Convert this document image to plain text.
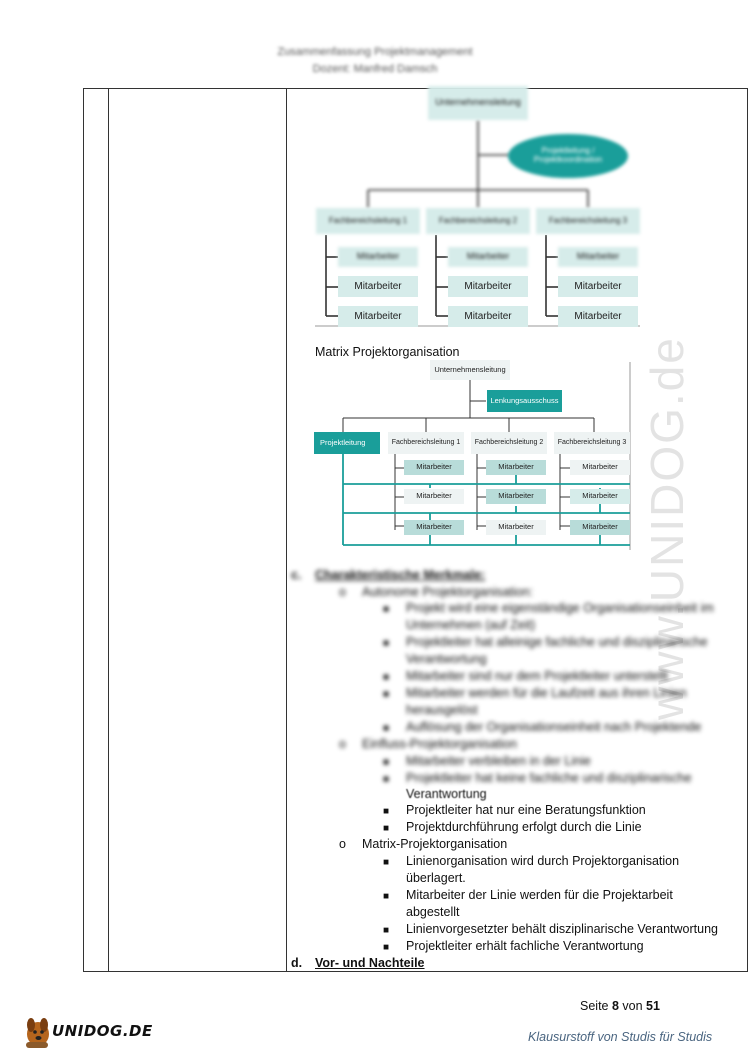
Zusammenfassung Projektmanagement
Dozent: Manfred Damsch
www.UNIDOG.de
Unternehmensleitung
Projektleitung / Projektkoordination
Fachbereichsleitung 1	Fachbereichsleitung 2	Fachbereichsleitung 3
Mitarbeiter	Mitarbeiter	Mitarbeiter
Mitarbeiter	Mitarbeiter	Mitarbeiter
Mitarbeiter	Mitarbeiter	Mitarbeiter
Matrix Projektorganisation
Unternehmensleitung
Lenkungsausschuss
Projektleitung	Fachbereichsleitung 1	Fachbereichsleitung 2	Fachbereichsleitung 3
Mitarbeiter	Mitarbeiter	Mitarbeiter
Mitarbeiter	Mitarbeiter	Mitarbeiter
Mitarbeiter	Mitarbeiter	Mitarbeiter
c. Charakteristische Merkmale:
o Autonome Projektorganisation:
■ Projekt wird eine eigenständige Organisationseinheit im Unternehmen (auf Zeit)
■ Projektleiter hat alleinige fachliche und disziplinarische Verantwortung
■ Mitarbeiter sind nur dem Projektleiter unterstellt
■ Mitarbeiter werden für die Laufzeit aus ihren Linien herausgelöst
■ Auflösung der Organisationseinheit nach Projektende
o Einfluss-Projektorganisation
■ Mitarbeiter verbleiben in der Linie
■ Projektleiter hat keine fachliche und disziplinarische
Verantwortung
■ Projektleiter hat nur eine Beratungsfunktion
■ Projektdurchführung erfolgt durch die Linie
o Matrix-Projektorganisation
■ Linienorganisation wird durch Projektorganisation
überlagert.
■ Mitarbeiter der Linie werden für die Projektarbeit
abgestellt
■ Linienvorgesetzter behält disziplinarische Verantwortung
■ Projektleiter erhält fachliche Verantwortung
d. Vor- und Nachteile
Seite 8 von 51
UNIDOG.DE	Klausurstoff von Studis für Studis
